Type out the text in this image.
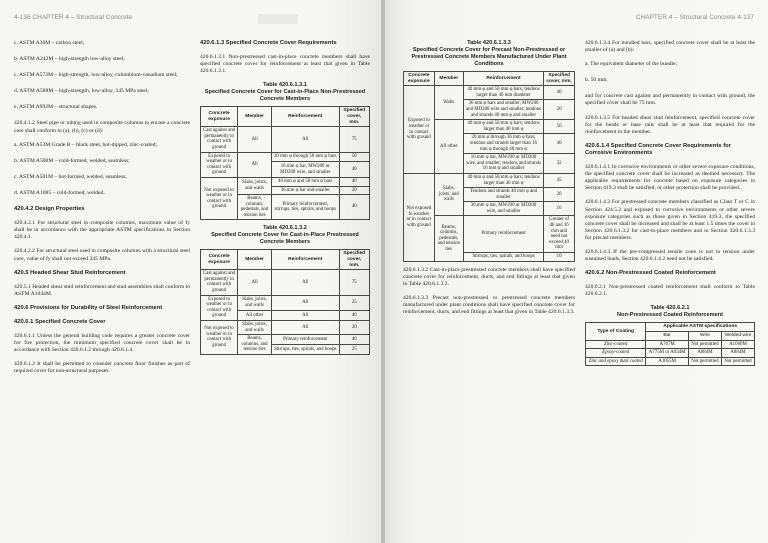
4-136 CHAPTER 4 – Structural Concrete

c. ASTM A36M – carbon steel;

b. ASTM A242M – high-strength low-alloy steel;

c. ASTM A572M – high-strength, low-alloy, columbium-vanadium steel;

d. ASTM A588M – high-strength, low-alloy, 345 MPa steel;

e. ASTM A992M – structural shapes.

420.4.1.2 Steel pipe or tubing used in composite columns to encase a concrete core shall conform to (a), (b), (c) or (d):

a. ASTM A53M Grade B – black steel, hot-dipped, zinc-coated;

b. ASTM A500M – cold-formed, welded, seamless;

c. ASTM A501M – hot-formed, welded, seamless;

d. ASTM A1085 – cold-formed, welded.

420.4.2 Design Properties

420.4.2.1 For structural steel in composite columns, maximum value of fy shall be in accordance with the appropriate ASTM specifications in Section 420.4.1.

420.4.2.2 For structural steel used in composite columns with a structural steel core, value of fy shall not exceed 345 MPa.

420.5 Headed Shear Stud Reinforcement

420.5.1 Headed shear stud reinforcement and stud assemblies shall conform to ASTM A1044M.

420.6 Provisions for Durability of Steel Reinforcement
420.6.1 Specified Concrete Cover

420.6.1.1 Unless the general building code requires a greater concrete cover for fire protection, the minimum specified concrete cover shall be in accordance with Section 420.6.1.2 through 420.6.1.4.

420.6.1.2 It shall be permitted to consider concrete floor finishes as part of required cover for non-structural purposes.

420.6.1.3 Specified Concrete Cover Requirements

420.6.1.3.1 Non-prestressed cast-in-place concrete members shall have specified concrete cover for reinforcement at least that given in Table 420.6.1.3.1.

Table 420.6.1.3.1
Specified Concrete Cover for Cast-in-Place Non-Prestressed Concrete Members
Concrete exposure	Member	Reinforcement	Specified cover, mm.
Cast against and permanently in contact with ground	All	All	75
Exposed to weather or in contact with ground	All	20 mm φ through 58 mm φ bars	50
		16 mm φ bar, MW200 or MD200 wire, and smaller	40
Not exposed to weather or in contact with ground	Slabs, joists, and walls	40 mm φ and 58 mm φ bars	40
		36 mm φ bar and smaller	20
	Beams, columns, pedestals, and tension ties	Primary reinforcement, stirrups, ties, spirals, and hoops	40
Table 420.6.1.3.2
Specified Concrete Cover for Cast-in-Place Prestressed Concrete Members
Concrete exposure	Member	Reinforcement	Specified cover, mm.
Cast against and permanently in contact with ground	All	All	75
Exposed to weather or in contact with ground	Slabs, joists, and walls	All	25
	All other	All	40
Not exposed to weather or in contact with ground	Slabs, joists, and walls	All	20
	Beams, columns, and tension ties	Primary reinforcement	40
		Stirrups, ties, spirals, and hoops	25
CHAPTER 4 – Structural Concrete 4-137
Table 420.6.1.3.3
Specified Concrete Cover for Precast Non-Prestressed or Prestressed Concrete Members Manufactured Under Plant Conditions
Concrete exposure	Member	Reinforcement	Specified cover, mm.
Exposed to weather or in contact with ground	Walls	40 mm φ and 58 mm φ bars; tendons larger than 40 mm diameter	40
		36 mm φ bars and smaller; MW200 and MD200 wire and smaller; tendons and strands 40 mm φ and smaller	20
	All other	40 mm φ and 58 mm φ bars; tendons larger than 40 mm φ	50
		20 mm φ through 36 mm φ bars; tendons and strands larger than 16 mm φ through 40 mm φ	40
		16 mm φ bar, MW200 or MD200 wire, and smaller; tendons and strands 16 mm φ and smaller	32
Not exposed to weather or in contact with ground	Slabs, joists, and walls	40 mm φ and 58 mm φ bars; tendons larger than 40 mm φ	45
		Tendons and strands 40 mm φ and smaller	20
		36 mm φ bar, MW200 or MD200 wire, and smaller	16
	Beams, columns, pedestals, and tension ties	Primary reinforcement	Greater of db and 16 mm and need not exceed 40 mm
		Stirrups, ties, spirals, and hoops	10

420.6.1.3.2 Cast-in-place prestressed concrete members shall have specified concrete cover for reinforcement, ducts, and end fittings at least that given in Table 420.6.1.3.2.

420.6.1.3.3 Precast non-prestressed or prestressed concrete members manufactured under plant conditions shall have specified concrete cover for reinforcement, ducts, and end fittings at least that given in Table 420.6.1.3.3.

420.6.1.3.4 For bundled bars, specified concrete cover shall be at least the smaller of (a) and (b):

a. The equivalent diameter of the bundle;

b. 50 mm,

and for concrete cast against and permanently in contact with ground, the specified cover shall be 75 mm.

420.6.1.3.5 For headed shear stud reinforcement, specified concrete cover for the heads or base rails shall be at least that required for the reinforcement in the member.

420.6.1.4 Specified Concrete Cover Requirements for Corrosive Environments

420.6.1.4.1 In corrosive environments or other severe exposure conditions, the specified concrete cover shall be increased as deemed necessary. The applicable requirements for concrete based on exposure categories in Section 419.3 shall be satisfied, or other protection shall be provided.

420.6.1.4.2 For prestressed concrete members classified as Class T or C in Section 424.5.2 and exposed to corrosive environments or other severe exposure categories such as those given in Section 419.3, the specified concrete cover shall be increased and shall be at least 1.5 times the cover in Section 420.6.1.3.2 for cast-in-place members and in Section 420.6.1.3.3 for precast members.

420.6.1.4.3 If the pre-compressed tensile zone is not in tension under sustained loads, Section 420.6.1.4.2 need not be satisfied.

420.6.2 Non-Prestressed Coated Reinforcement

420.6.2.1 Non-prestressed coated reinforcement shall conform to Table 420.6.2.1.

Table 420.6.2.1
Non-Prestressed Coated Reinforcement
Type of Coating	Applicable ASTM specifications		
	Bar	Wire	Welded wire
Zinc-coated	A767M	Not permitted	A1060M
Epoxy-coated	A775M or A934M	A884M	A884M
Zinc and epoxy dual coated	A1055M	Not permitted	Not permitted
